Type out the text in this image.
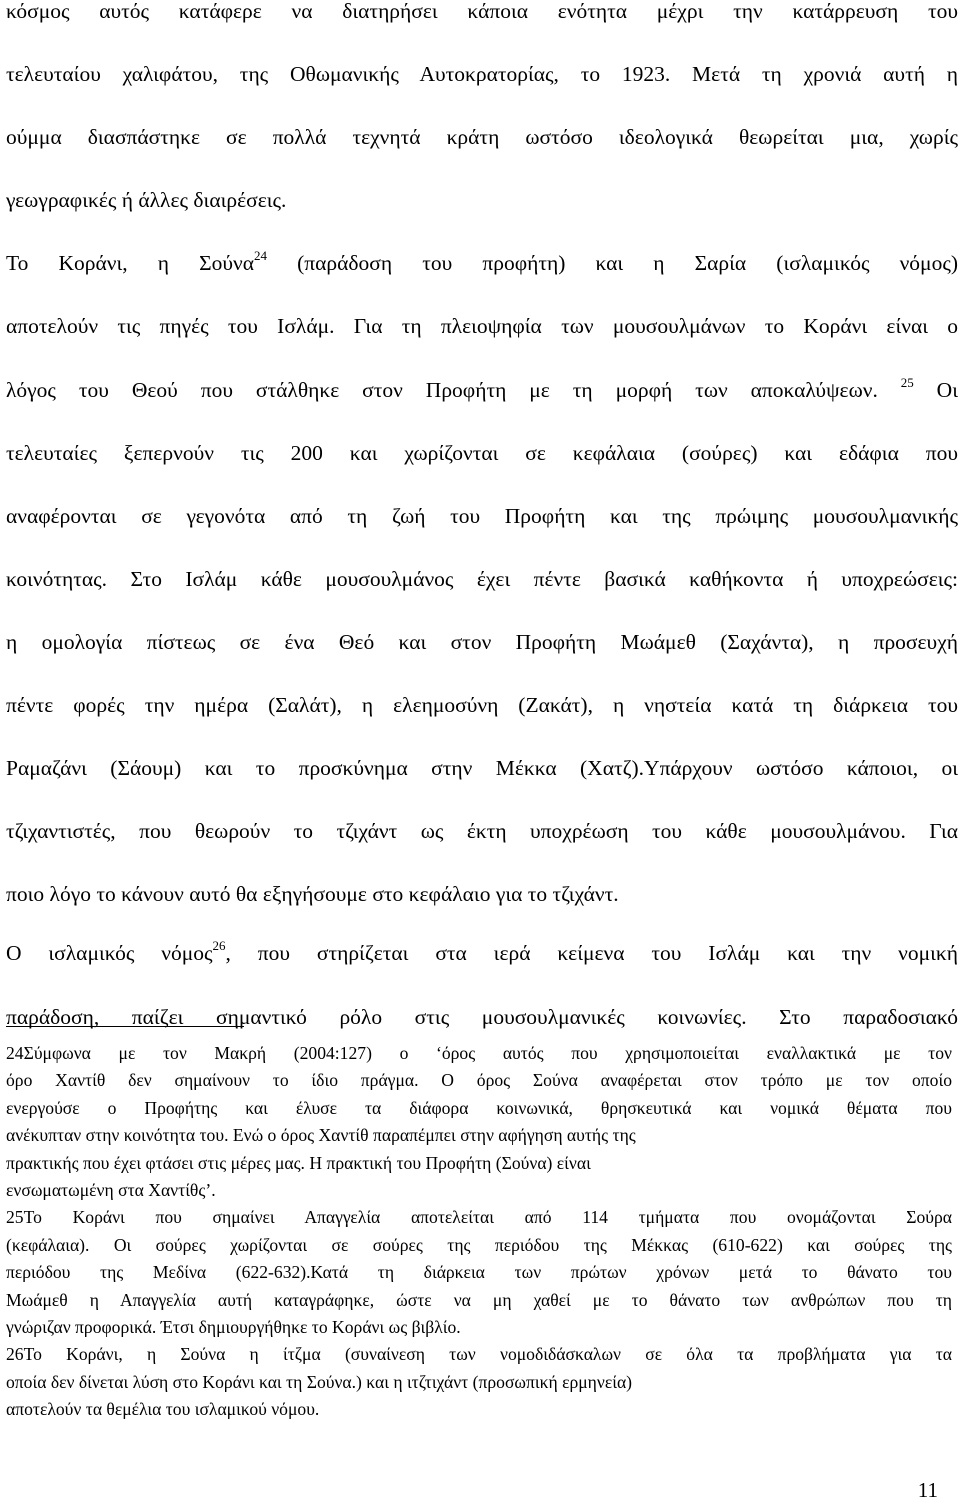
κόσμος αυτός κατάφερε να διατηρήσει κάποια ενότητα μέχρι την κατάρρευση του
τελευταίου χαλιφάτου, της Οθωμανικής Αυτοκρατορίας, το 1923. Μετά τη χρονιά αυτή η
ούμμα διασπάστηκε σε πολλά τεχνητά κράτη ωστόσο ιδεολογικά θεωρείται μια, χωρίς
γεωγραφικές ή άλλες διαιρέσεις.
Το Κοράνι, η Σούνα$^{24}$ (παράδοση του προφήτη) και η Σαρία (ισλαμικός νόμος)
αποτελούν τις πηγές του Ισλάμ. Για τη πλειοψηφία των μουσουλμάνων το Κοράνι είναι ο
λόγος του Θεού που στάλθηκε στον Προφήτη με τη μορφή των αποκαλύψεων. $^{25}$ Οι
τελευταίες ξεπερνούν τις 200 και χωρίζονται σε κεφάλαια (σούρες) και εδάφια που
αναφέρονται σε γεγονότα από τη ζωή του Προφήτη και της πρώιμης μουσουλμανικής
κοινότητας. Στο Ισλάμ κάθε μουσουλμάνος έχει πέντε βασικά καθήκοντα ή υποχρεώσεις:
η ομολογία πίστεως σε ένα Θεό και στον Προφήτη Μωάμεθ (Σαχάντα), η προσευχή
πέντε φορές την ημέρα (Σαλάτ), η ελεημοσύνη (Ζακάτ), η νηστεία κατά τη διάρκεια του
Ραμαζάνι (Σάουμ) και το προσκύνημα στην Μέκκα (Χατζ).Υπάρχουν ωστόσο κάποιοι, οι
τζιχαντιστές, που θεωρούν το τζιχάντ ως έκτη υποχρέωση του κάθε μουσουλμάνου. Για
ποιο λόγο το κάνουν αυτό θα εξηγήσουμε στο κεφάλαιο για το τζιχάντ.
Ο ισλαμικός νόμος$^{26}$, που στηρίζεται στα ιερά κείμενα του Ισλάμ και την νομική
παράδοση, παίζει σημαντικό ρόλο στις μουσουλμανικές κοινωνίες. Στο παραδοσιακό
24Σύμφωνα με τον Μακρή (2004:127) ο ‘όρος αυτός που χρησιμοποιείται εναλλακτικά με τον
όρο Χαντίθ δεν σημαίνουν το ίδιο πράγμα. Ο όρος Σούνα αναφέρεται στον τρόπο με τον οποίο
ενεργούσε ο Προφήτης και έλυσε τα διάφορα κοινωνικά, θρησκευτικά και νομικά θέματα που
ανέκυπταν στην κοινότητα του. Ενώ ο όρος Χαντίθ παραπέμπει στην αφήγηση αυτής της
πρακτικής που έχει φτάσει στις μέρες μας. Η πρακτική του Προφήτη (Σούνα) είναι
ενσωματωμένη στα Χαντίθς’.
25Το Κοράνι που σημαίνει Απαγγελία αποτελείται από 114 τμήματα που ονομάζονται Σούρα
(κεφάλαια). Οι σούρες χωρίζονται σε σούρες της περιόδου της Μέκκας (610-622) και σούρες της
περιόδου της Μεδίνα (622-632).Κατά τη διάρκεια των πρώτων χρόνων μετά το θάνατο του
Μωάμεθ η Απαγγελία αυτή καταγράφηκε, ώστε να μη χαθεί με το θάνατο των ανθρώπων που τη
γνώριζαν προφορικά. Έτσι δημιουργήθηκε το Κοράνι ως βιβλίο.
26Το Κοράνι, η Σούνα η ίτζμα (συναίνεση των νομοδιδάσκαλων σε όλα τα προβλήματα για τα
οποία δεν δίνεται λύση στο Κοράνι και τη Σούνα.) και η ιτζτιχάντ (προσωπική ερμηνεία)
αποτελούν τα θεμέλια του ισλαμικού νόμου.
11
